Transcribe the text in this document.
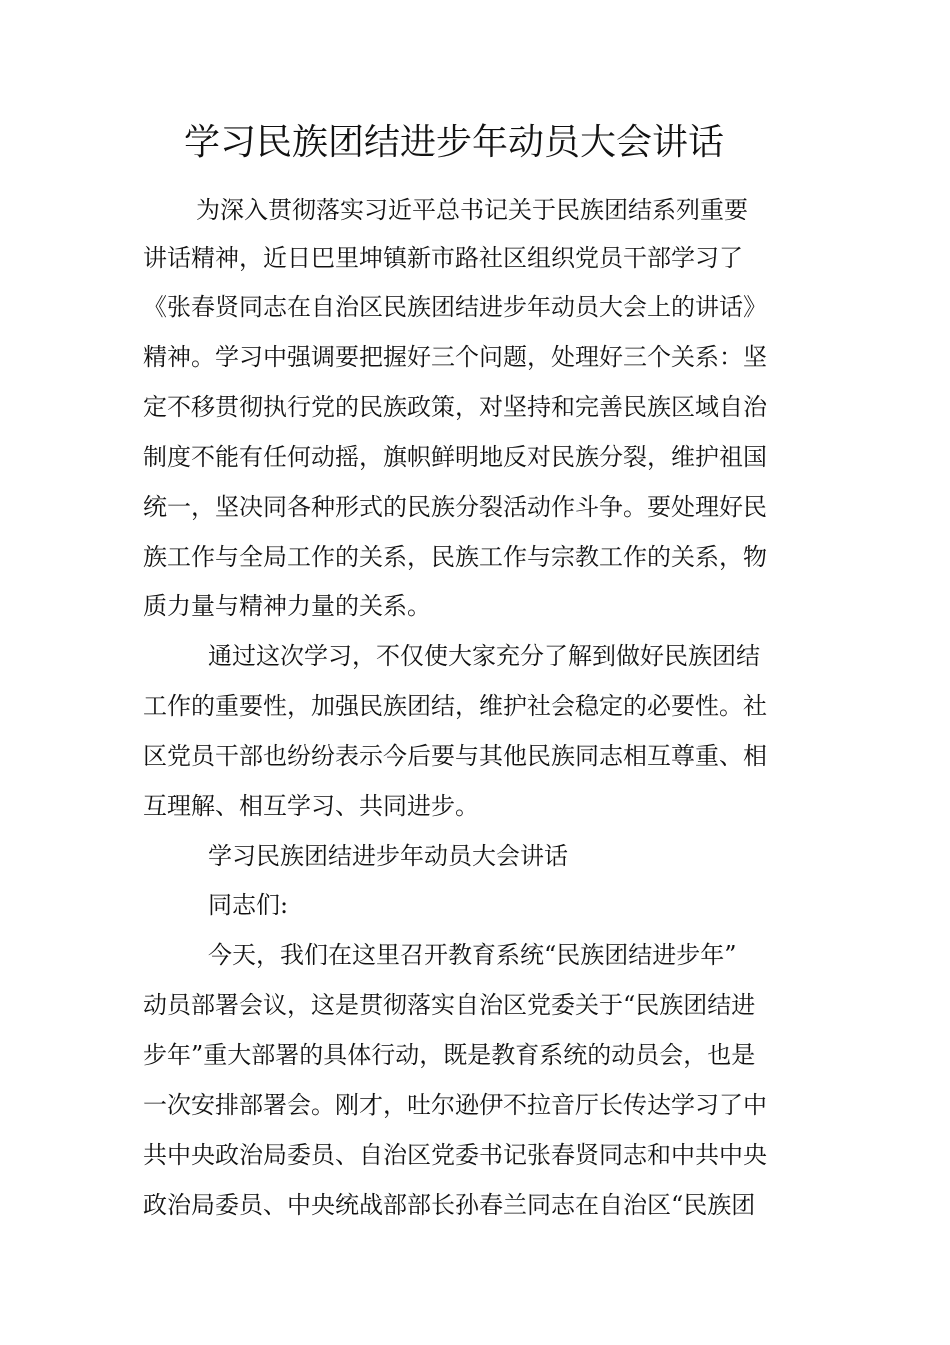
学习民族团结进步年动员大会讲话

为深入贯彻落实习近平总书记关于民族团结系列重要

讲话精神，近日巴里坤镇新市路社区组织党员干部学习了

《张春贤同志在自治区民族团结进步年动员大会上的讲话》

精神。学习中强调要把握好三个问题，处理好三个关系：坚

定不移贯彻执行党的民族政策，对坚持和完善民族区域自治

制度不能有任何动摇，旗帜鲜明地反对民族分裂，维护祖国

统一，坚决同各种形式的民族分裂活动作斗争。要处理好民

族工作与全局工作的关系，民族工作与宗教工作的关系，物

质力量与精神力量的关系。

通过这次学习，不仅使大家充分了解到做好民族团结

工作的重要性，加强民族团结，维护社会稳定的必要性。社

区党员干部也纷纷表示今后要与其他民族同志相互尊重、相

互理解、相互学习、共同进步。

学习民族团结进步年动员大会讲话

同志们:

今天，我们在这里召开教育系统“民族团结进步年”

动员部署会议，这是贯彻落实自治区党委关于“民族团结进

步年”重大部署的具体行动，既是教育系统的动员会，也是

一次安排部署会。刚才，吐尔逊伊不拉音厅长传达学习了中

共中央政治局委员、自治区党委书记张春贤同志和中共中央

政治局委员、中央统战部部长孙春兰同志在自治区“民族团
